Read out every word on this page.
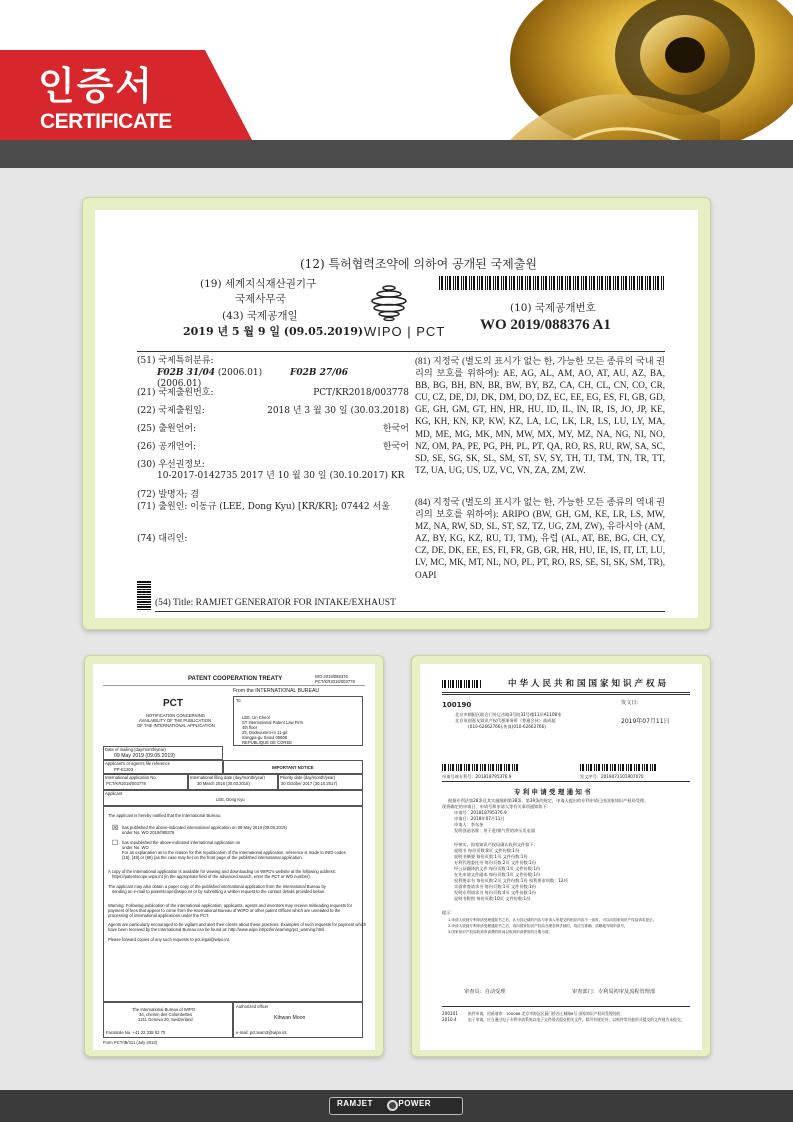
인증서
CERTIFICATE
(12) 특허협력조약에 의하여 공개된 국제출원
(19) 세계지식재산권기구
국제사무국
(43) 국제공개일
2019 년 5 월 9 일 (09.05.2019) WIPO | PCT
(10) 국제공개번호
WO 2019/088376 A1
(51) 국제특허분류:
F02B 31/04 (2006.01)	F02B 27/06 (2006.01)
(21) 국제출원번호:	PCT/KR2018/003778
(22) 국제출원일:	2018 년 3 월 30 일 (30.03.2018)
(25) 출원언어:	한국어
(26) 공개언어:	한국어
(30) 우선권정보:
10-2017-0142735 2017 년 10 월 30 일 (30.10.2017) KR
(72) 발명자; 겸
(71) 출원인: 이동규 (LEE, Dong Kyu) [KR/KR]; 07442 서울
(74) 대리인:
(81) 지정국 (별도의 표시가 없는 한, 가능한 모든 종류의 국내 권리의 보호를 위하여): AE, AG, AL, AM, AO, AT, AU, AZ, BA, BB, BG, BH, BN, BR, BW, BY, BZ, CA, CH, CL, CN, CO, CR, CU, CZ, DE, DJ, DK, DM, DO, DZ, EC, EE, EG, ES, FI, GB, GD, GE, GH, GM, GT, HN, HR, HU, ID, IL, IN, IR, IS, JO, JP, KE, KG, KH, KN, KP, KW, KZ, LA, LC, LK, LR, LS, LU, LY, MA, MD, ME, MG, MK, MN, MW, MX, MY, MZ, NA, NG, NI, NO, NZ, OM, PA, PE, PG, PH, PL, PT, QA, RO, RS, RU, RW, SA, SC, SD, SE, SG, SK, SL, SM, ST, SV, SY, TH, TJ, TM, TN, TR, TT, TZ, UA, UG, US, UZ, VC, VN, ZA, ZM, ZW.
(84) 지정국 (별도의 표시가 없는 한, 가능한 모든 종류의 역내 권리의 보호를 위하여): ARIPO (BW, GH, GM, KE, LR, LS, MW, MZ, NA, RW, SD, SL, ST, SZ, TZ, UG, ZM, ZW), 유라시아 (AM, AZ, BY, KG, KZ, RU, TJ, TM), 유럽 (AL, AT, BE, BG, CH, CY, CZ, DE, DK, EE, ES, FI, FR, GB, GR, HR, HU, IE, IS, IT, LT, LU, LV, MC, MK, MT, NL, NO, PL, PT, RO, RS, SE, SI, SK, SM, TR), OAPI
(54) Title: RAMJET GENERATOR FOR INTAKE/EXHAUST
PATENT COOPERATION TREATY	WO 2019/088376
PCT/KR2018/003778
From the INTERNATIONAL BUREAU
To:
LEE, Un Cheol
ST International Patent Law Firm
4th floor
25, Dodeoumro-ro 11-gil
Songpa-gu Seoul 05608
REPUBLIQUE DE COREE
PCT
NOTIFICATION CONCERNING
AVAILABILITY OF THE PUBLICATION
OF THE INTERNATIONAL APPLICATION
Date of mailing (day/month/year)
09 May 2019 (09.05.2019)
Applicant's or agent's file reference
PP-E1203	IMPORTANT NOTICE
International application No.
PCT/KR2018/003778
International filing date (day/month/year)
30 March 2018 (30.03.2018)
Priority date (day/month/year)
30 October 2017 (30.10.2017)
Applicant
LEE, Dong Kyu
The applicant is hereby notified that the International Bureau:
☒ has published the above-indicated international application on 09 May 2019 (09.05.2019)
under No. WO 2019/088376
☐ has republished the above-indicated international application on
under No. WO
For an explanation as to the reason for this republication of the international application, reference is made to INID codes
(15), (48) or (88) (as the case may be) on the front page of the published international application.
A copy of the international application is available for viewing and downloading on WIPO's website at the following address:
https://patentscope.wipo.int (in the appropriate field of the advanced search, enter the PCT or WO number).
The applicant may also obtain a paper copy of the published international application from the International Bureau by
sending an e-mail to patentscope@wipo.int or by submitting a written request to the contact details provided below.
Warning: Following publication of the international application, applicants, agents and inventors may receive misleading requests for
payment of fees that appear to come from the International Bureau of WIPO or other patent Offices which are unrelated to the
processing of international applications under the PCT.
Agents are particularly encouraged to be vigilant and alert their clients about these practices. Examples of such requests for payment which
have been received by the International Bureau can be found at: http://www.wipo.int/pct/en/warning/pct_warning.html
Please forward copies of any such requests to pct.legal@wipo.int.
The International Bureau of WIPO
34, chemin des Colombettes
1211 Geneva 20, Switzerland
Facsimile No. +41 22 338 82 70
Authorized officer
Kihwan Moon
e-mail: pct.team3@wipo.int
Form PCT/IB/311 (July 2013)
中华人民共和国国家知识产权局
100190
北京市朝阳区联合门外辽沙路3号院31号楼11层A1108室
北京英创嘉友知识产权代理事务所（普通合伙）高成超
(010-62662766),传真(010-62662766)
发文日：
2019年07月11日
申请号或专利号：201818795376.9	发文序号：2019071101907070
专 利 申 请 受 理 通 知 书
根据专利法第28条及其实施细则第38条、第39条的规定，申请人提出的专利申请已由国家知识产权局受理。
现将确定的申请日、申请号和申请人等有关事项通知如下：
申请号：201818795376.9
申请日：2018年07月11日
申请人：李东奎
发明创造名称：用于进/排气管的冲压发电器
经核实，国家知识产权局确认收到文件如下：
说明书 每份页数:8页 文件份数:1份
说明书摘要 每份页数:1页 文件份数:1份
专利代理委托书 每份页数:2页 文件份数:1份
经公证翻译的文件 每份页数:1页 文件份数:1份
在先申请文件副本 每份页数:1页 文件份数:1份
权利要求书 每份页数:2页 文件份数:1份 权利要求项数：12项
实质审查请求书 每份页数:1页 文件份数:1份
发明专利请求书 每份页数:4页 文件份数:1份
说明书附图 每份页数:10页 文件份数:1份
提示：
1.申请人收到专利申请受理通知书之后，认为其记载的内容与申请人所提交的相应内容不一致时，可以向国家知识产权局请求更正。
2.申请人收到专利申请受理通知书之后，再向国家知识产权局办理各种手续时，均应当准确、清晰地写明申请号。
3.国家知识产权局收到申请费的时间以收到申请费用的日期为准。
审查员：自动受理	审查部门：专利局初审及流程管理部
200101
2010.4
纸件申请，回函请寄：100088 北京市海淀区蓟门桥西土城路6号 国家知识产权局受理处收
电子申请，应当通过电子专利申请系统以电子文件形式提交相关文件。除另有规定外，以纸件等其他形式提交的文件视为未提交。
RAMJET	POWER
